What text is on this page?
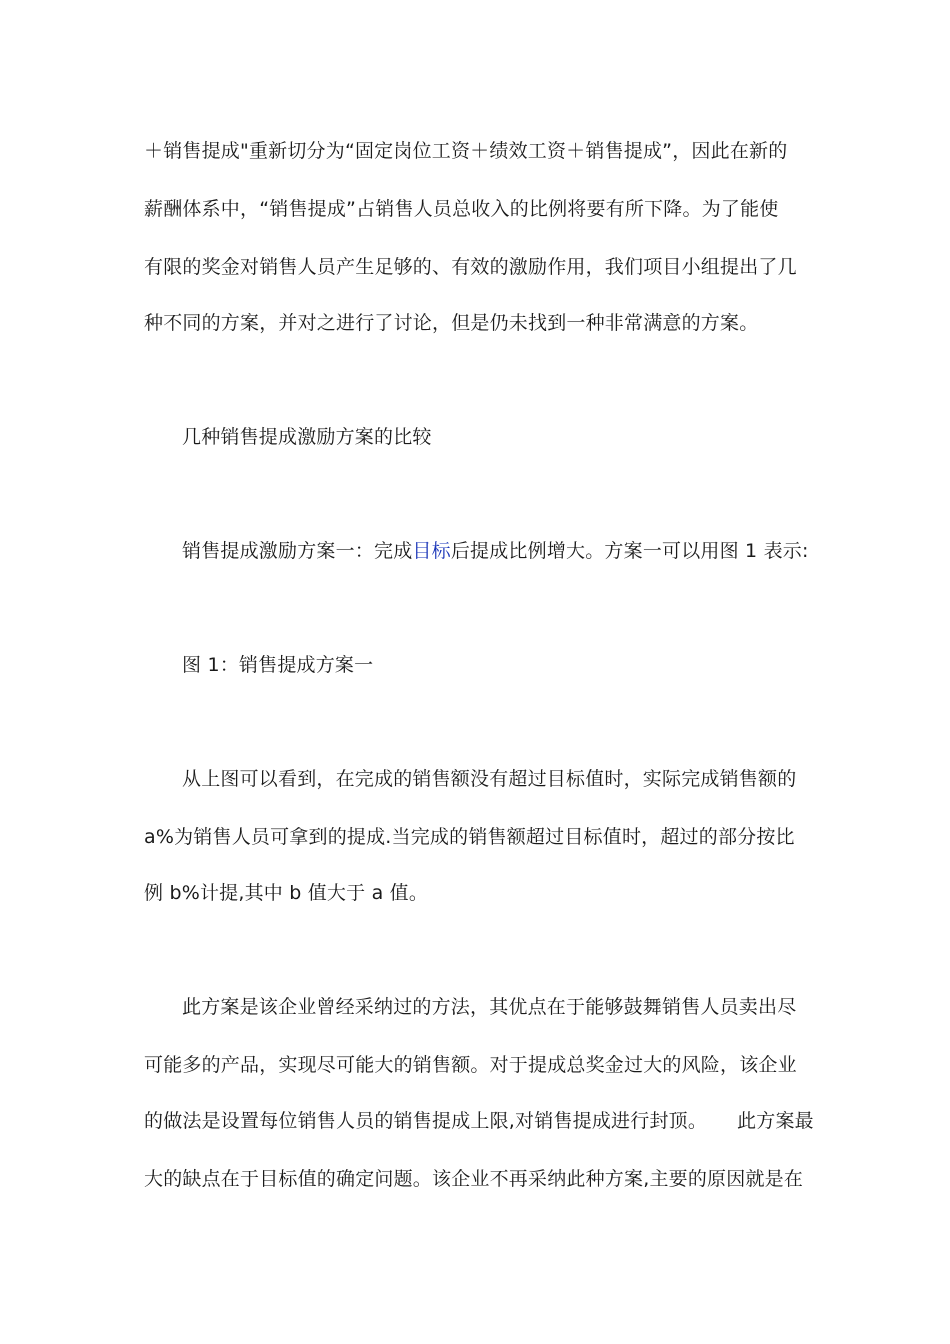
＋销售提成"重新切分为“固定岗位工资＋绩效工资＋销售提成”，因此在新的
薪酬体系中，“销售提成”占销售人员总收入的比例将要有所下降。为了能使
有限的奖金对销售人员产生足够的、有效的激励作用，我们项目小组提出了几
种不同的方案，并对之进行了讨论，但是仍未找到一种非常满意的方案。
几种销售提成激励方案的比较
销售提成激励方案一：完成目标后提成比例增大。方案一可以用图 1 表示:
图 1：销售提成方案一
从上图可以看到，在完成的销售额没有超过目标值时，实际完成销售额的
a%为销售人员可拿到的提成.当完成的销售额超过目标值时，超过的部分按比
例 b%计提,其中 b 值大于 a 值。
此方案是该企业曾经采纳过的方法，其优点在于能够鼓舞销售人员卖出尽
可能多的产品，实现尽可能大的销售额。对于提成总奖金过大的风险，该企业
的做法是设置每位销售人员的销售提成上限,对销售提成进行封顶。 此方案最
大的缺点在于目标值的确定问题。该企业不再采纳此种方案,主要的原因就是在
